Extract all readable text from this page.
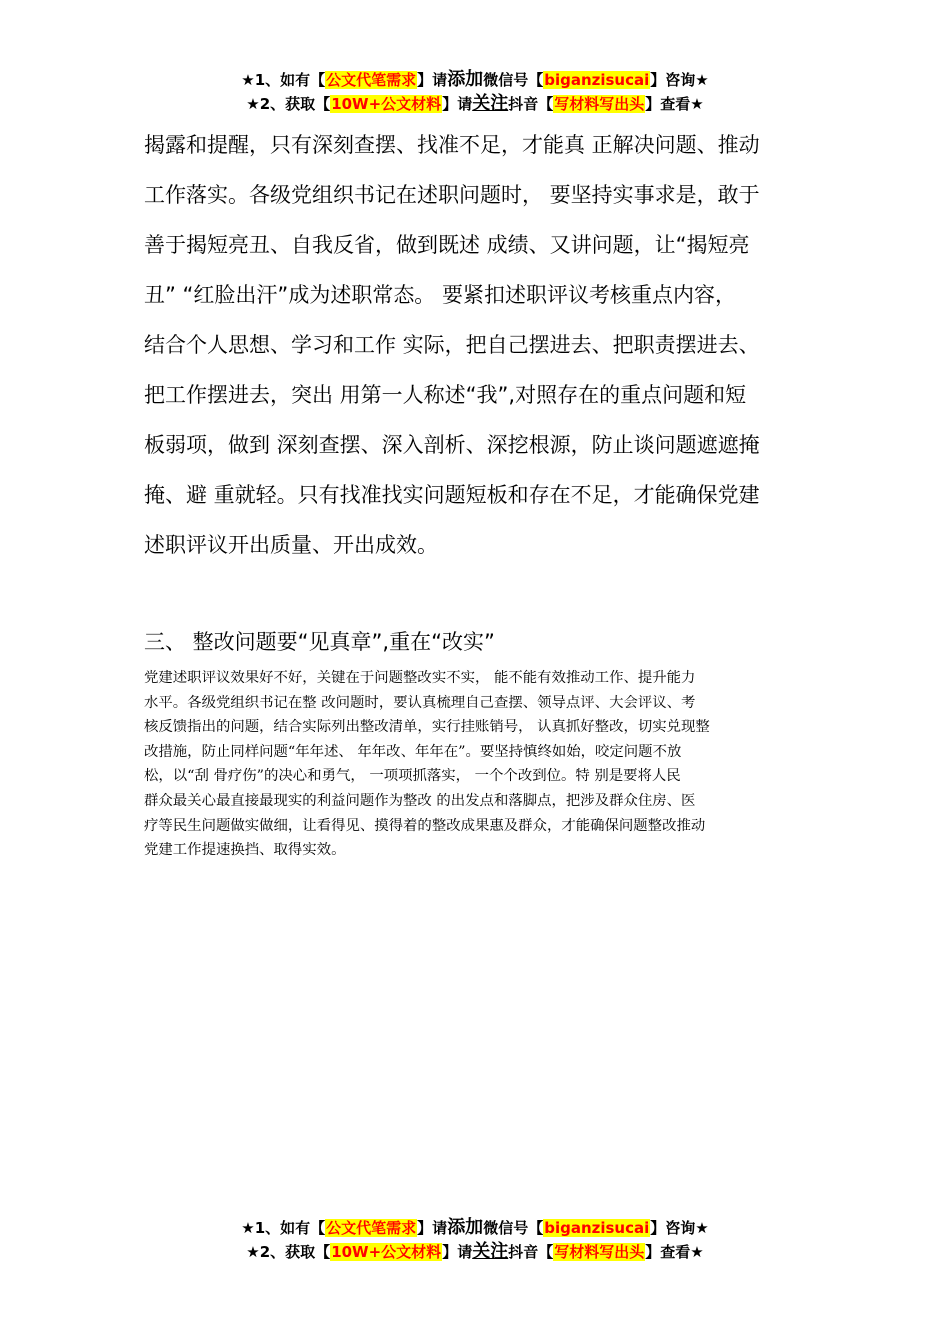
★1、如有【公文代笔需求】请添加微信号【biganzisucai】咨询★
★2、获取【10W+公文材料】请关注抖音【写材料写出头】查看★
揭露和提醒，只有深刻查摆、找准不足，才能真 正解决问题、推动
工作落实。各级党组织书记在述职问题时， 要坚持实事求是，敢于
善于揭短亮丑、自我反省，做到既述 成绩、又讲问题，让“揭短亮
丑” “红脸出汗”成为述职常态。 要紧扣述职评议考核重点内容，
结合个人思想、学习和工作 实际，把自己摆进去、把职责摆进去、
把工作摆进去，突出 用第一人称述“我”,对照存在的重点问题和短
板弱项，做到 深刻查摆、深入剖析、深挖根源，防止谈问题遮遮掩
掩、避 重就轻。只有找准找实问题短板和存在不足，才能确保党建
述职评议开出质量、开出成效。
三、 整改问题要“见真章”,重在“改实”
党建述职评议效果好不好，关键在于问题整改实不实， 能不能有效推动工作、提升能力
水平。各级党组织书记在整 改问题时，要认真梳理自己查摆、领导点评、大会评议、考
核反馈指出的问题，结合实际列出整改清单，实行挂账销号， 认真抓好整改，切实兑现整
改措施，防止同样问题“年年述、 年年改、年年在”。要坚持慎终如始，咬定问题不放
松，以“刮 骨疗伤”的决心和勇气， 一项项抓落实， 一个个改到位。特 别是要将人民
群众最关心最直接最现实的利益问题作为整改 的出发点和落脚点，把涉及群众住房、医
疗等民生问题做实做细，让看得见、摸得着的整改成果惠及群众，才能确保问题整改推动
党建工作提速换挡、取得实效。
★1、如有【公文代笔需求】请添加微信号【biganzisucai】咨询★
★2、获取【10W+公文材料】请关注抖音【写材料写出头】查看★
